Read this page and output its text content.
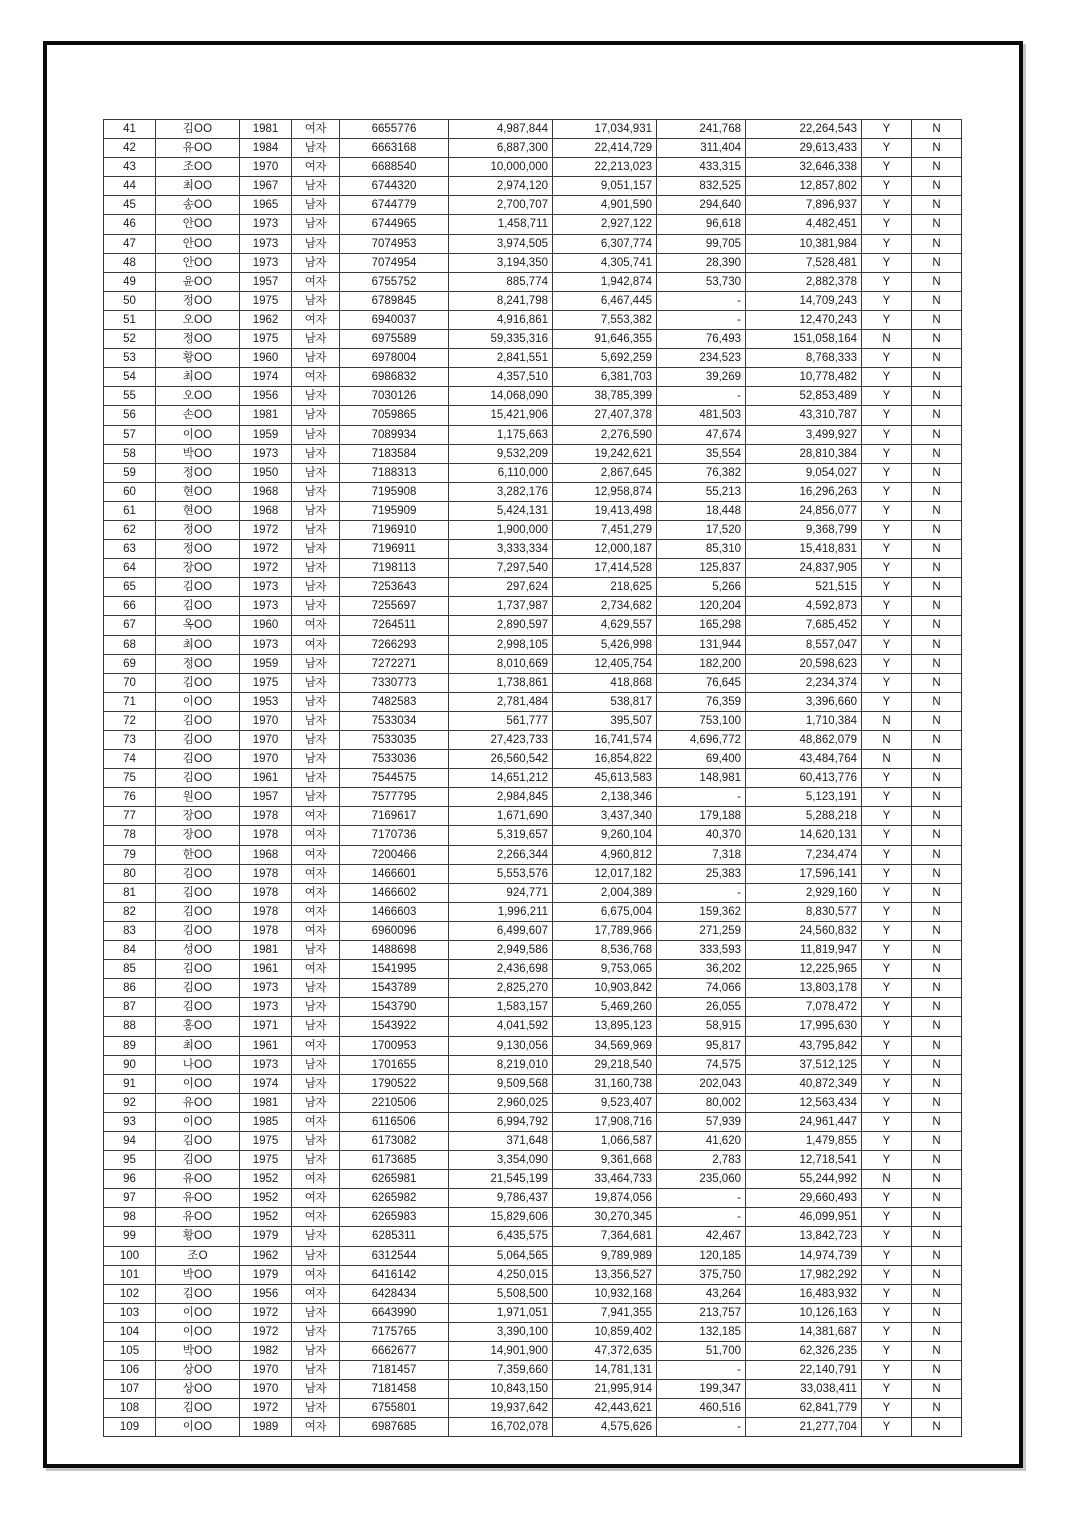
41	김OO	1981	여자	6655776	4,987,844	17,034,931	241,768	22,264,543	Y	N
42	유OO	1984	남자	6663168	6,887,300	22,414,729	311,404	29,613,433	Y	N
43	조OO	1970	여자	6688540	10,000,000	22,213,023	433,315	32,646,338	Y	N
44	최OO	1967	남자	6744320	2,974,120	9,051,157	832,525	12,857,802	Y	N
45	송OO	1965	남자	6744779	2,700,707	4,901,590	294,640	7,896,937	Y	N
46	안OO	1973	남자	6744965	1,458,711	2,927,122	96,618	4,482,451	Y	N
47	안OO	1973	남자	7074953	3,974,505	6,307,774	99,705	10,381,984	Y	N
48	안OO	1973	남자	7074954	3,194,350	4,305,741	28,390	7,528,481	Y	N
49	윤OO	1957	여자	6755752	885,774	1,942,874	53,730	2,882,378	Y	N
50	정OO	1975	남자	6789845	8,241,798	6,467,445	-	14,709,243	Y	N
51	오OO	1962	여자	6940037	4,916,861	7,553,382	-	12,470,243	Y	N
52	정OO	1975	남자	6975589	59,335,316	91,646,355	76,493	151,058,164	N	N
53	황OO	1960	남자	6978004	2,841,551	5,692,259	234,523	8,768,333	Y	N
54	최OO	1974	여자	6986832	4,357,510	6,381,703	39,269	10,778,482	Y	N
55	오OO	1956	남자	7030126	14,068,090	38,785,399	-	52,853,489	Y	N
56	손OO	1981	남자	7059865	15,421,906	27,407,378	481,503	43,310,787	Y	N
57	이OO	1959	남자	7089934	1,175,663	2,276,590	47,674	3,499,927	Y	N
58	박OO	1973	남자	7183584	9,532,209	19,242,621	35,554	28,810,384	Y	N
59	정OO	1950	남자	7188313	6,110,000	2,867,645	76,382	9,054,027	Y	N
60	현OO	1968	남자	7195908	3,282,176	12,958,874	55,213	16,296,263	Y	N
61	현OO	1968	남자	7195909	5,424,131	19,413,498	18,448	24,856,077	Y	N
62	정OO	1972	남자	7196910	1,900,000	7,451,279	17,520	9,368,799	Y	N
63	정OO	1972	남자	7196911	3,333,334	12,000,187	85,310	15,418,831	Y	N
64	장OO	1972	남자	7198113	7,297,540	17,414,528	125,837	24,837,905	Y	N
65	김OO	1973	남자	7253643	297,624	218,625	5,266	521,515	Y	N
66	김OO	1973	남자	7255697	1,737,987	2,734,682	120,204	4,592,873	Y	N
67	옥OO	1960	여자	7264511	2,890,597	4,629,557	165,298	7,685,452	Y	N
68	최OO	1973	여자	7266293	2,998,105	5,426,998	131,944	8,557,047	Y	N
69	정OO	1959	남자	7272271	8,010,669	12,405,754	182,200	20,598,623	Y	N
70	김OO	1975	남자	7330773	1,738,861	418,868	76,645	2,234,374	Y	N
71	이OO	1953	남자	7482583	2,781,484	538,817	76,359	3,396,660	Y	N
72	김OO	1970	남자	7533034	561,777	395,507	753,100	1,710,384	N	N
73	김OO	1970	남자	7533035	27,423,733	16,741,574	4,696,772	48,862,079	N	N
74	김OO	1970	남자	7533036	26,560,542	16,854,822	69,400	43,484,764	N	N
75	김OO	1961	남자	7544575	14,651,212	45,613,583	148,981	60,413,776	Y	N
76	원OO	1957	남자	7577795	2,984,845	2,138,346	-	5,123,191	Y	N
77	장OO	1978	여자	7169617	1,671,690	3,437,340	179,188	5,288,218	Y	N
78	장OO	1978	여자	7170736	5,319,657	9,260,104	40,370	14,620,131	Y	N
79	한OO	1968	여자	7200466	2,266,344	4,960,812	7,318	7,234,474	Y	N
80	김OO	1978	여자	1466601	5,553,576	12,017,182	25,383	17,596,141	Y	N
81	김OO	1978	여자	1466602	924,771	2,004,389	-	2,929,160	Y	N
82	김OO	1978	여자	1466603	1,996,211	6,675,004	159,362	8,830,577	Y	N
83	김OO	1978	여자	6960096	6,499,607	17,789,966	271,259	24,560,832	Y	N
84	성OO	1981	남자	1488698	2,949,586	8,536,768	333,593	11,819,947	Y	N
85	김OO	1961	여자	1541995	2,436,698	9,753,065	36,202	12,225,965	Y	N
86	김OO	1973	남자	1543789	2,825,270	10,903,842	74,066	13,803,178	Y	N
87	김OO	1973	남자	1543790	1,583,157	5,469,260	26,055	7,078,472	Y	N
88	홍OO	1971	남자	1543922	4,041,592	13,895,123	58,915	17,995,630	Y	N
89	최OO	1961	여자	1700953	9,130,056	34,569,969	95,817	43,795,842	Y	N
90	나OO	1973	남자	1701655	8,219,010	29,218,540	74,575	37,512,125	Y	N
91	이OO	1974	남자	1790522	9,509,568	31,160,738	202,043	40,872,349	Y	N
92	유OO	1981	남자	2210506	2,960,025	9,523,407	80,002	12,563,434	Y	N
93	이OO	1985	여자	6116506	6,994,792	17,908,716	57,939	24,961,447	Y	N
94	김OO	1975	남자	6173082	371,648	1,066,587	41,620	1,479,855	Y	N
95	김OO	1975	남자	6173685	3,354,090	9,361,668	2,783	12,718,541	Y	N
96	유OO	1952	여자	6265981	21,545,199	33,464,733	235,060	55,244,992	N	N
97	유OO	1952	여자	6265982	9,786,437	19,874,056	-	29,660,493	Y	N
98	유OO	1952	여자	6265983	15,829,606	30,270,345	-	46,099,951	Y	N
99	황OO	1979	남자	6285311	6,435,575	7,364,681	42,467	13,842,723	Y	N
100	조O	1962	남자	6312544	5,064,565	9,789,989	120,185	14,974,739	Y	N
101	박OO	1979	여자	6416142	4,250,015	13,356,527	375,750	17,982,292	Y	N
102	김OO	1956	여자	6428434	5,508,500	10,932,168	43,264	16,483,932	Y	N
103	이OO	1972	남자	6643990	1,971,051	7,941,355	213,757	10,126,163	Y	N
104	이OO	1972	남자	7175765	3,390,100	10,859,402	132,185	14,381,687	Y	N
105	박OO	1982	남자	6662677	14,901,900	47,372,635	51,700	62,326,235	Y	N
106	상OO	1970	남자	7181457	7,359,660	14,781,131	-	22,140,791	Y	N
107	상OO	1970	남자	7181458	10,843,150	21,995,914	199,347	33,038,411	Y	N
108	김OO	1972	남자	6755801	19,937,642	42,443,621	460,516	62,841,779	Y	N
109	이OO	1989	여자	6987685	16,702,078	4,575,626	-	21,277,704	Y	N
